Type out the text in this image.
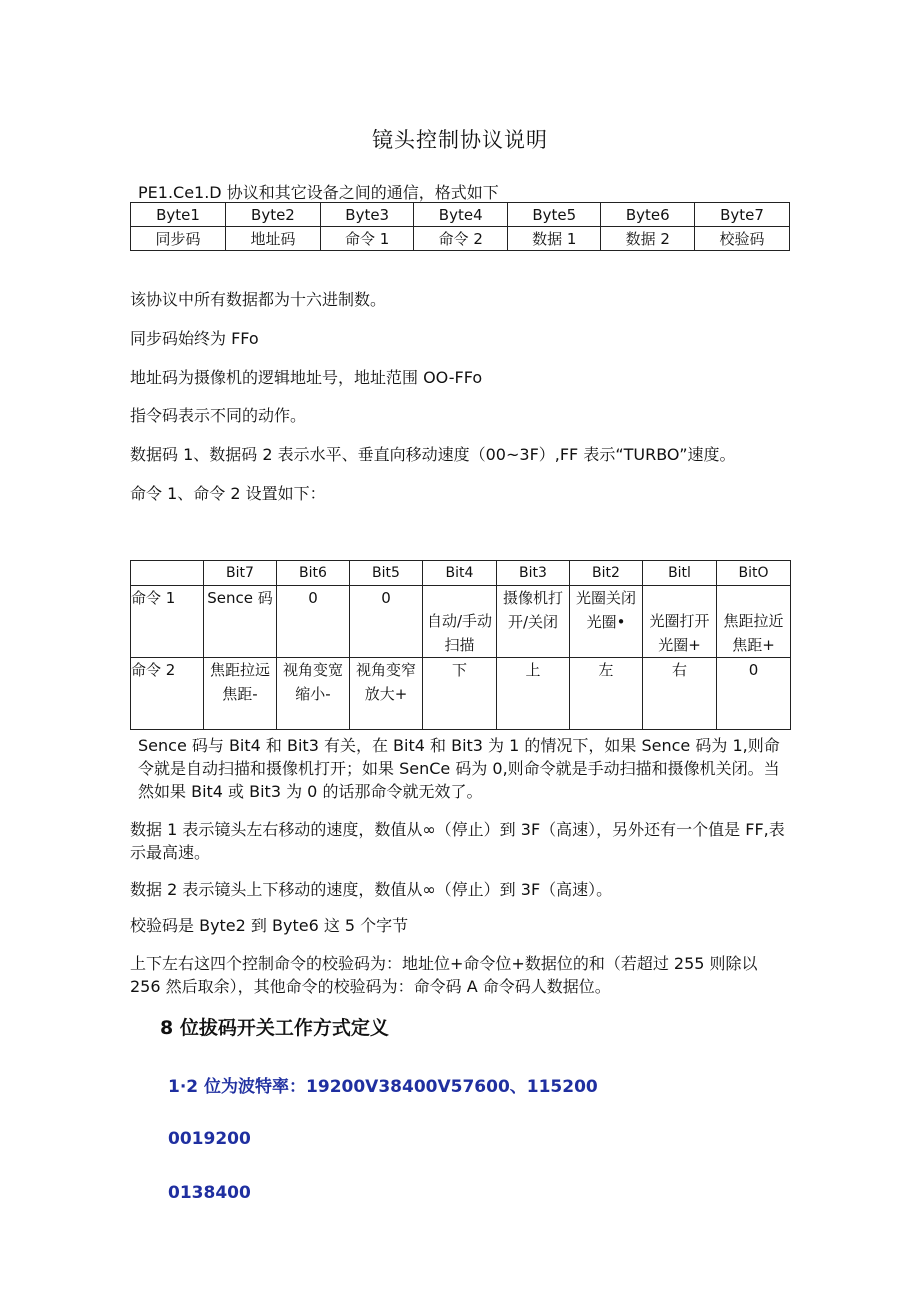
镜头控制协议说明
PE1.Ce1.D 协议和其它设备之间的通信，格式如下
Byte1	Byte2	Byte3	Byte4	Byte5	Byte6	Byte7
同步码	地址码	命令 1	命令 2	数据 1	数据 2	校验码
该协议中所有数据都为十六进制数。
同步码始终为 FFo
地址码为摄像机的逻辑地址号，地址范围 OO-FFo
指令码表示不同的动作。
数据码 1、数据码 2 表示水平、垂直向移动速度（00~3F）,FF 表示“TURBO”速度。
命令 1、命令 2 设置如下：
	Bit7	Bit6	Bit5	Bit4	Bit3	Bit2	Bitl	BitO
命令 1	Sence 码	0	0	自动/手动扫描	摄像机打开/关闭	光圈关闭光圈•	光圈打开光圈+	焦距拉近焦距+
命令 2	焦距拉远焦距-	视角变宽缩小-	视角变窄放大+	下	上	左	右	0
Sence 码与 Bit4 和 Bit3 有关，在 Bit4 和 Bit3 为 1 的情况下，如果 Sence 码为 1,则命令就是自动扫描和摄像机打开；如果 SenCe 码为 0,则命令就是手动扫描和摄像机关闭。当然如果 Bit4 或 Bit3 为 0 的话那命令就无效了。
数据 1 表示镜头左右移动的速度，数值从∞（停止）到 3F（高速），另外还有一个值是 FF,表示最高速。
数据 2 表示镜头上下移动的速度，数值从∞（停止）到 3F（高速）。
校验码是 Byte2 到 Byte6 这 5 个字节
上下左右这四个控制命令的校验码为：地址位+命令位+数据位的和（若超过 255 则除以 256 然后取余），其他命令的校验码为：命令码 A 命令码人数据位。
8 位拔码开关工作方式定义
1·2 位为波特率：19200V38400V57600、115200
0019200
0138400
